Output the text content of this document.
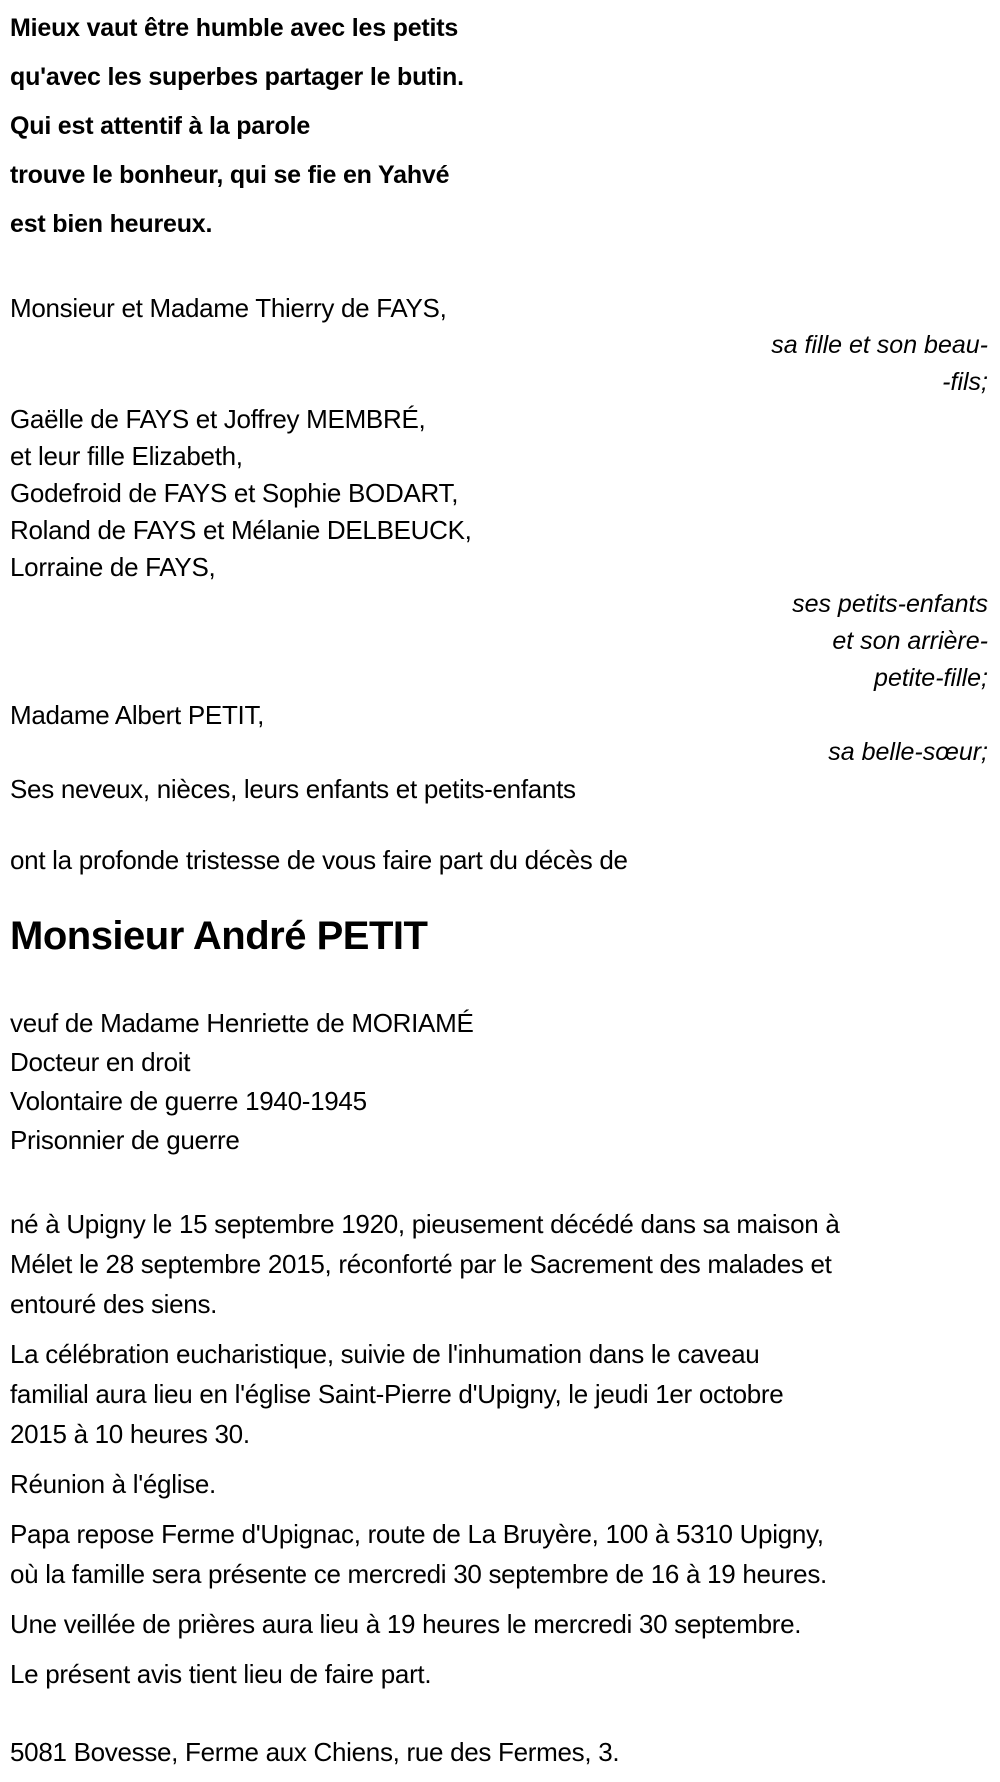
Mieux vaut être humble avec les petits
qu'avec les superbes partager le butin.
Qui est attentif à la parole
trouve le bonheur, qui se fie en Yahvé
est bien heureux.
Monsieur et Madame Thierry de FAYS,
sa fille et son beau-
-fils;
Gaëlle de FAYS et Joffrey MEMBRÉ,
et leur fille Elizabeth,
Godefroid de FAYS et Sophie BODART,
Roland de FAYS et Mélanie DELBEUCK,
Lorraine de FAYS,
ses petits-enfants
et son arrière-
petite-fille;
Madame Albert PETIT,
sa belle-sœur;
Ses neveux, nièces, leurs enfants et petits-enfants
ont la profonde tristesse de vous faire part du décès de
Monsieur André PETIT
veuf de Madame Henriette de MORIAMÉ
Docteur en droit
Volontaire de guerre 1940-1945
Prisonnier de guerre
né à Upigny le 15 septembre 1920, pieusement décédé dans sa maison à
Mélet le 28 septembre 2015, réconforté par le Sacrement des malades et
entouré des siens.
La célébration eucharistique, suivie de l'inhumation dans le caveau
familial aura lieu en l'église Saint-Pierre d'Upigny, le jeudi 1er octobre
2015 à 10 heures 30.
Réunion à l'église.
Papa repose Ferme d'Upignac, route de La Bruyère, 100 à 5310 Upigny,
où la famille sera présente ce mercredi 30 septembre de 16 à 19 heures.
Une veillée de prières aura lieu à 19 heures le mercredi 30 septembre.
Le présent avis tient lieu de faire part.
5081 Bovesse, Ferme aux Chiens, rue des Fermes, 3.
